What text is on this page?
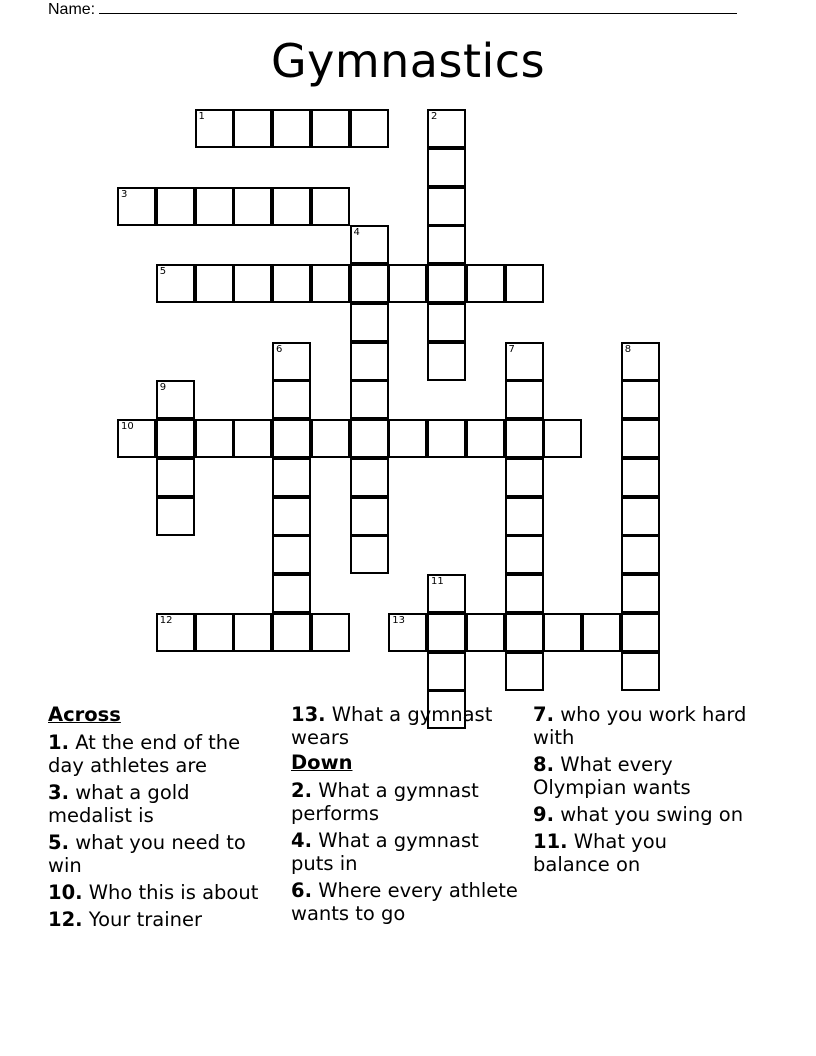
Name:
Gymnastics
1	2
3
4
5
6	7	8
9
10
11
12	13
Across
1. At the end of the day athletes are
3. what a gold medalist is
5. what you need to win
10. Who this is about
12. Your trainer
13. What a gymnast wears
Down
2. What a gymnast performs
4. What a gymnast puts in
6. Where every athlete wants to go
7. who you work hard with
8. What every Olympian wants
9. what you swing on
11. What you balance on
